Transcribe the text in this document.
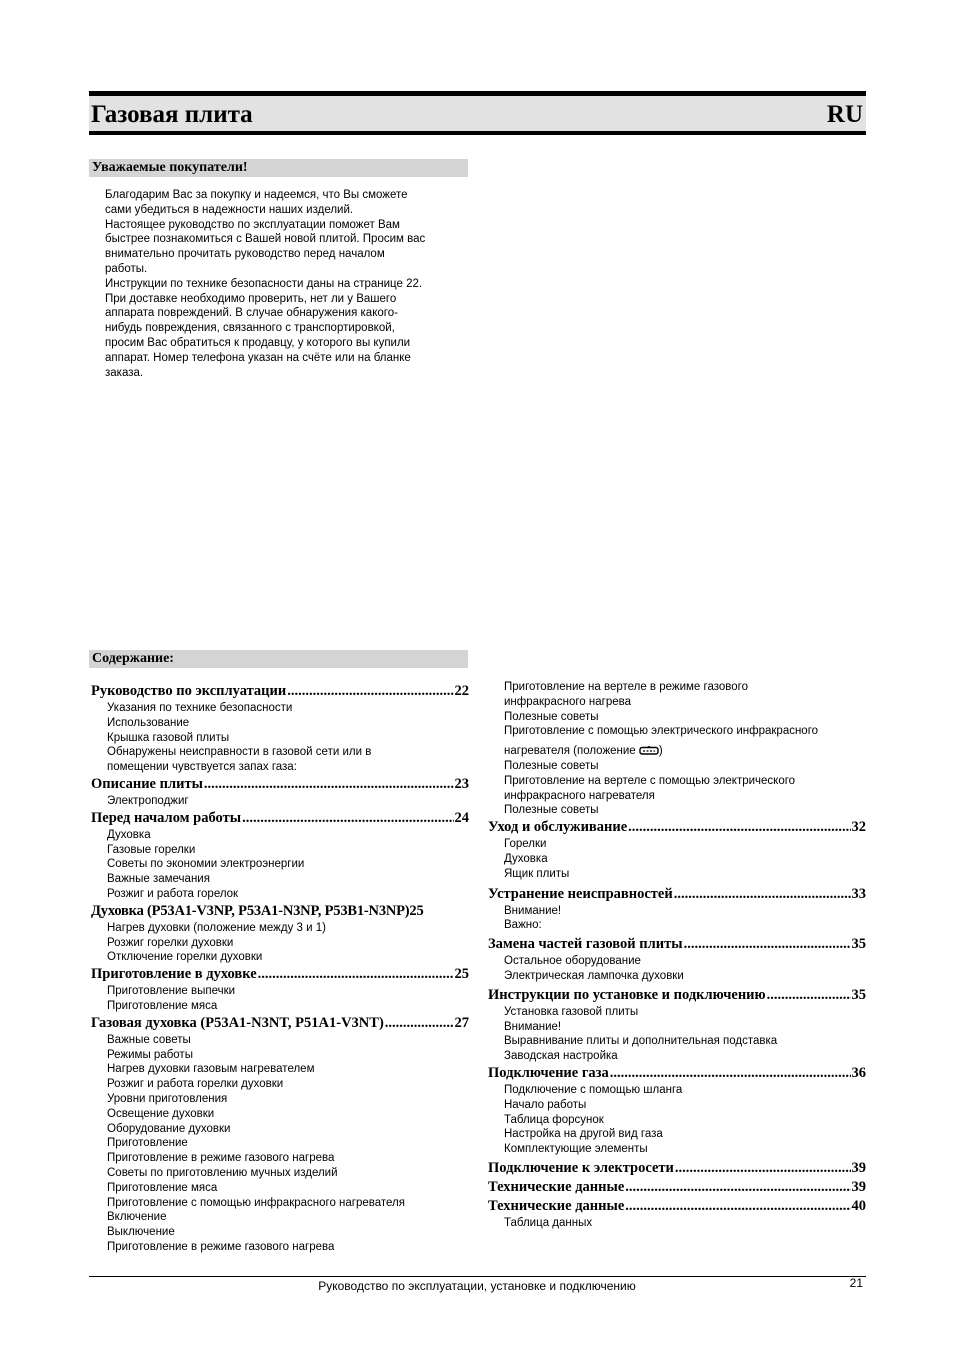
Газовая плита	RU
Уважаемые покупатели!

Благодарим Вас за покупку и надеемся, что Вы сможете

сами убедиться в надежности наших изделий.

Настоящее руководство по эксплуатации поможет Вам

быстрее познакомиться с Вашей новой плитой. Просим вас

внимательно прочитать руководство перед началом

работы.

Инструкции по технике безопасности даны на странице 22.

При доставке необходимо проверить, нет ли у Вашего

аппарата повреждений. В случае обнаружения какого-

нибудь повреждения, связанного с транспортировкой,

просим Вас обратиться к продавцу, у которого вы купили

аппарат. Номер телефона указан на счёте или на бланке

заказа.

Содержание:
Руководство по эксплуатации .....	22
Указания по технике безопасности
Использование
Крышка газовой плиты
Обнаружены неисправности в газовой сети или в
помещении чувствуется запах газа:
Описание плиты .....	23
Электроподжиг
Перед началом работы .....	24
Духовка
Газовые горелки
Советы по экономии электроэнергии
Важные замечания
Розжиг и работа горелок
Духовка (P53A1-V3NP, P53A1-N3NP, P53B1-N3NP) 25
Нагрев духовки (положение между 3 и 1)
Розжиг горелки духовки
Отключение горелки духовки
Приготовление в духовке .....	25
Приготовление выпечки
Приготовление мяса
Газовая духовка (P53A1-N3NT, P51A1-V3NT) .....	27
Важные советы
Режимы работы
Нагрев духовки газовым нагревателем
Розжиг и работа горелки духовки
Уровни приготовления
Освещение духовки
Оборудование духовки
Приготовление
Приготовление в режиме газового нагрева
Советы по приготовлению мучных изделий
Приготовление мяса
Приготовление с помощью инфракрасного нагревателя
Включение
Выключение
Приготовление в режиме газового нагрева
Приготовление на вертеле в режиме газового
инфракрасного нагрева
Полезные советы
Приготовление с помощью электрического инфракрасного
нагревателя (положение )
Полезные советы
Приготовление на вертеле с помощью электрического
инфракрасного нагревателя
Полезные советы
Уход и обслуживание .....	32
Горелки
Духовка
Ящик плиты
Устранение неисправностей .....	33
Внимание!
Важно:
Замена частей газовой плиты .....	35
Остальное оборудование
Электрическая лампочка духовки
Инструкции по установке и подключению .....	35
Установка газовой плиты
Внимание!
Выравнивание плиты и дополнительная подставка
Заводская настройка
Подключение газа .....	36
Подключение с помощью шланга
Начало работы
Таблица форсунок
Настройка на другой вид газа
Комплектующие элементы
Подключение к электросети .....	39
Технические данные .....	39
Технические данные .....	40
Таблица данных
Руководство по эксплуатации, установке и подключению	21
